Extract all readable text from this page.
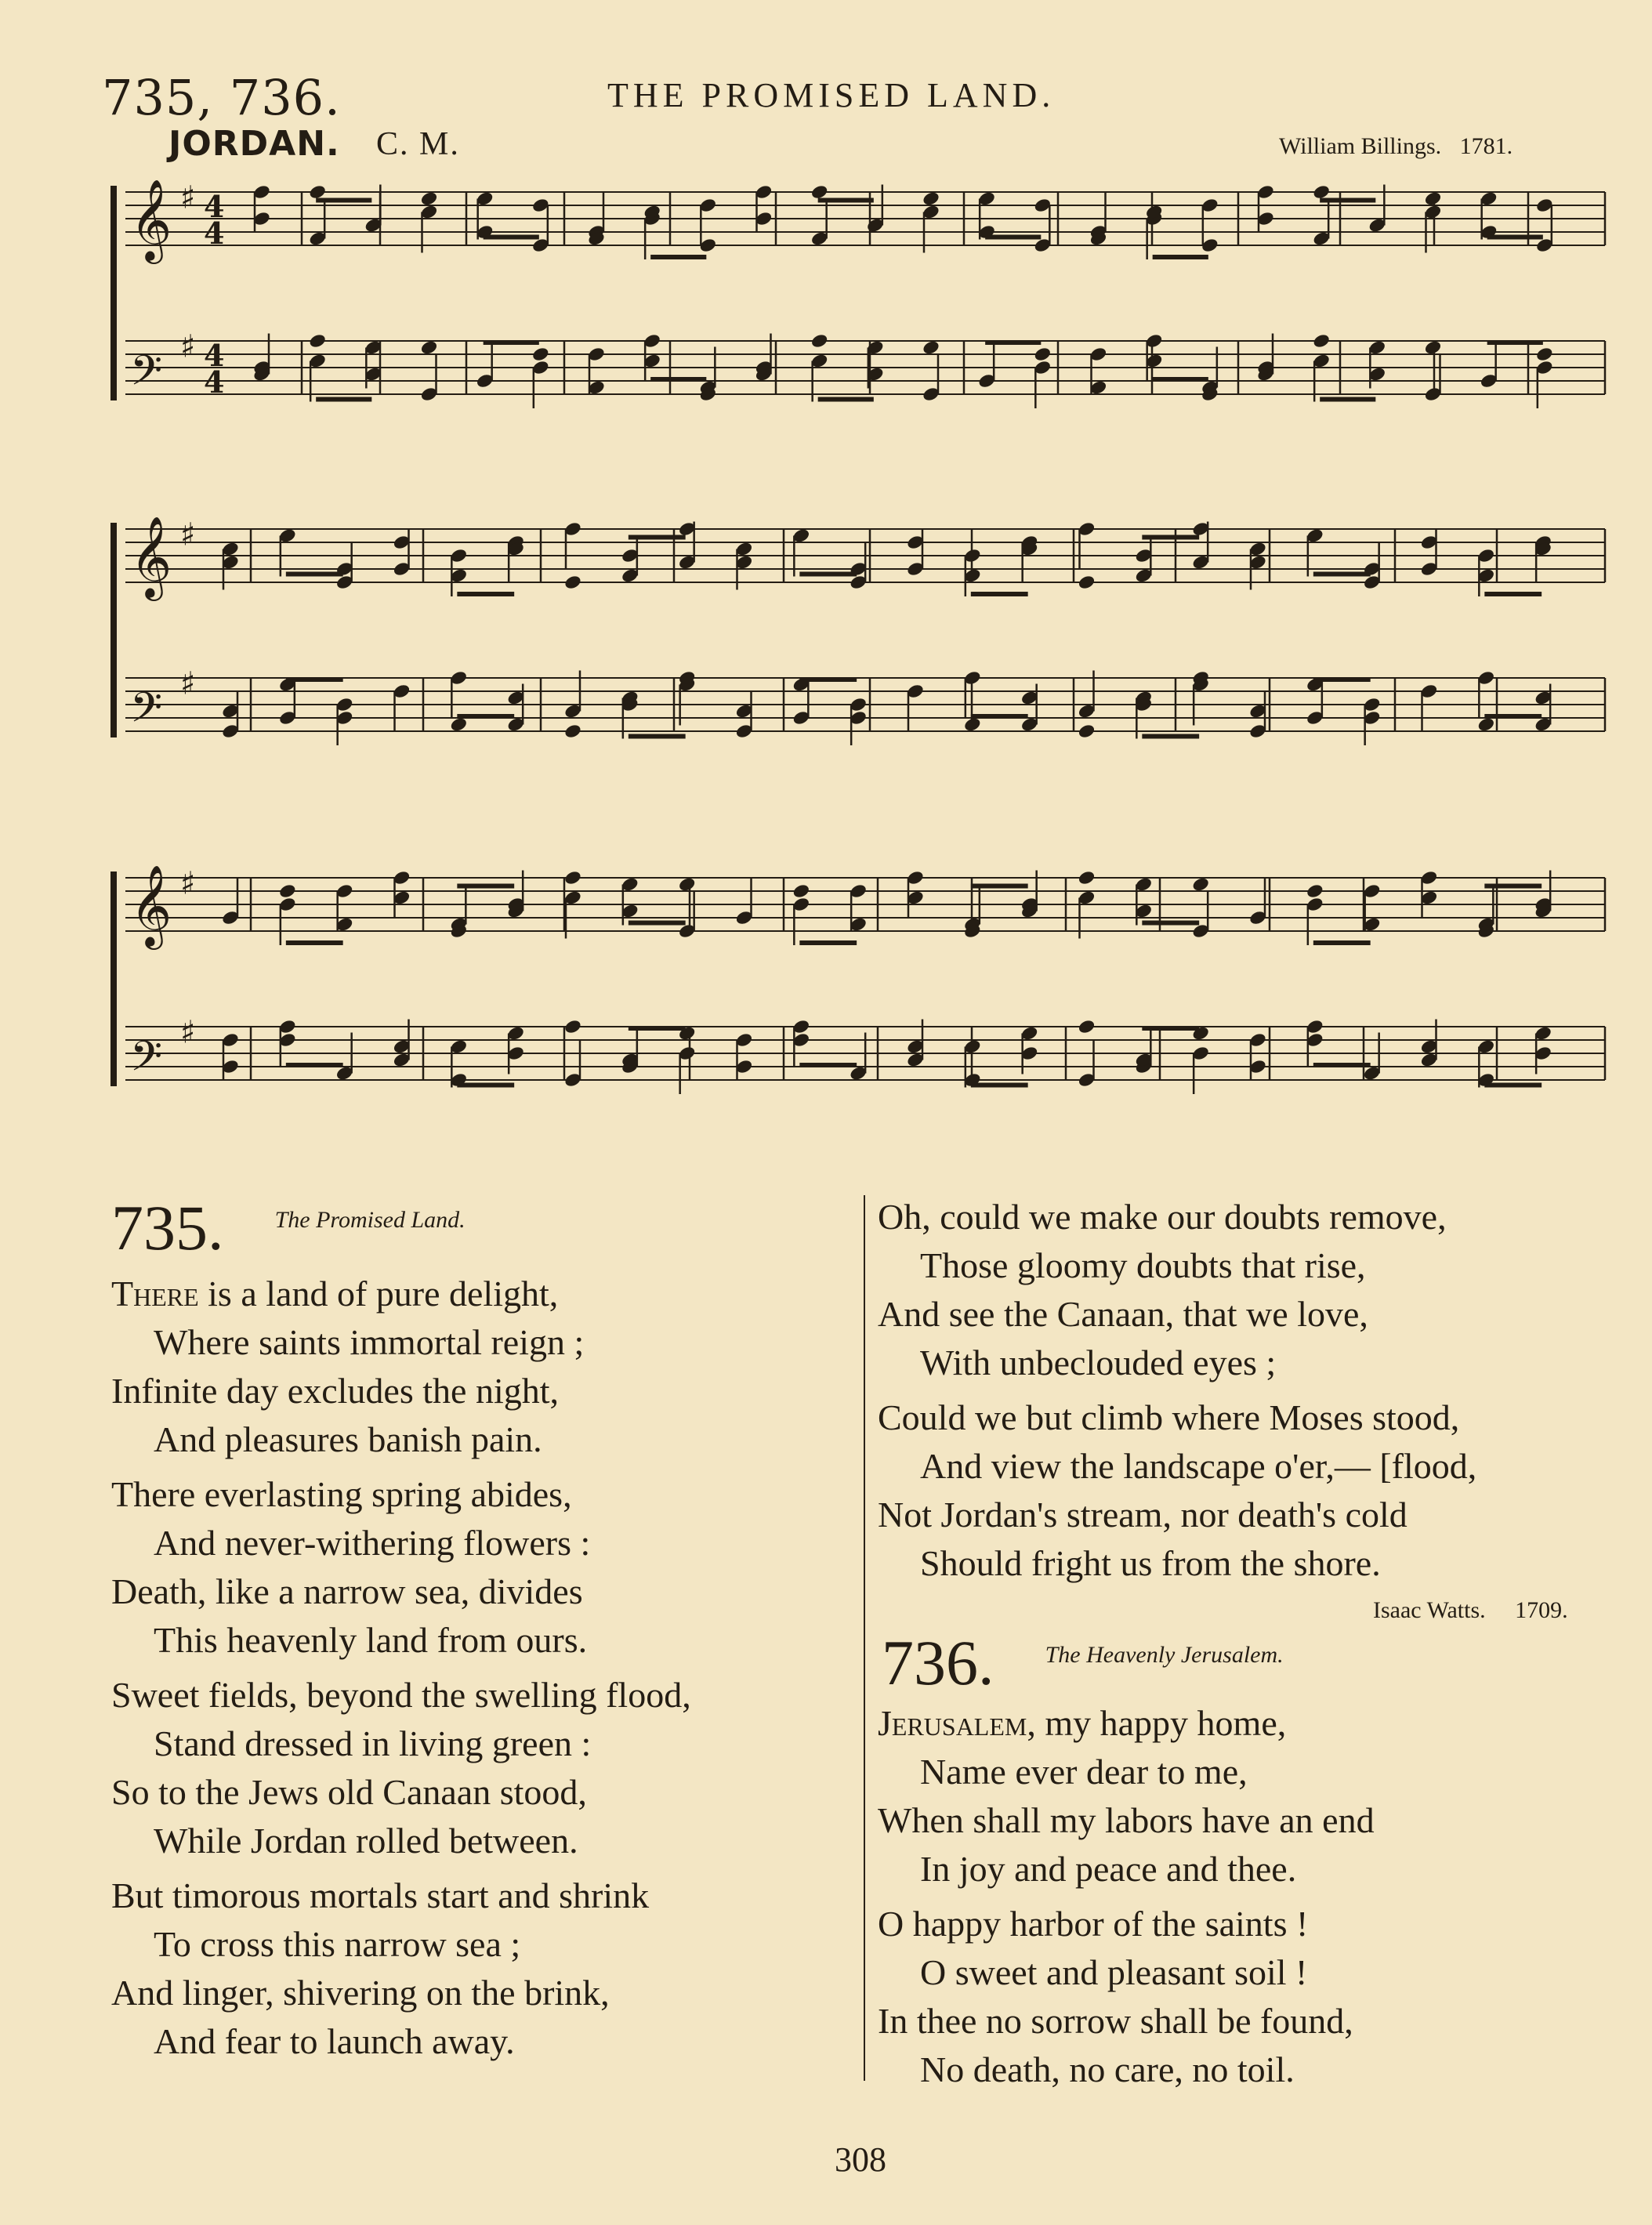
735, 736.	THE PROMISED LAND.
JORDAN. C. M.	William Billings. 1781.
𝄞 ♯ 4
4
𝄢
♯ 4
4
𝄞 ♯
𝄢
♯
𝄞 ♯
𝄢
♯
735. The Promised Land.
There is a land of pure delight,
Where saints immortal reign ;
Infinite day excludes the night,
And pleasures banish pain.
There everlasting spring abides,
And never-withering flowers :
Death, like a narrow sea, divides
This heavenly land from ours.
Sweet fields, beyond the swelling flood,
Stand dressed in living green :
So to the Jews old Canaan stood,
While Jordan rolled between.
But timorous mortals start and shrink
To cross this narrow sea ;
And linger, shivering on the brink,
And fear to launch away.
Oh, could we make our doubts remove,
Those gloomy doubts that rise,
And see the Canaan, that we love,
With unbeclouded eyes ;
Could we but climb where Moses stood,
And view the landscape o'er,— [flood,
Not Jordan's stream, nor death's cold
Should fright us from the shore.
Isaac Watts. 1709.
736. The Heavenly Jerusalem.
Jerusalem, my happy home,
Name ever dear to me,
When shall my labors have an end
In joy and peace and thee.
O happy harbor of the saints !
O sweet and pleasant soil !
In thee no sorrow shall be found,
No death, no care, no toil.
308
